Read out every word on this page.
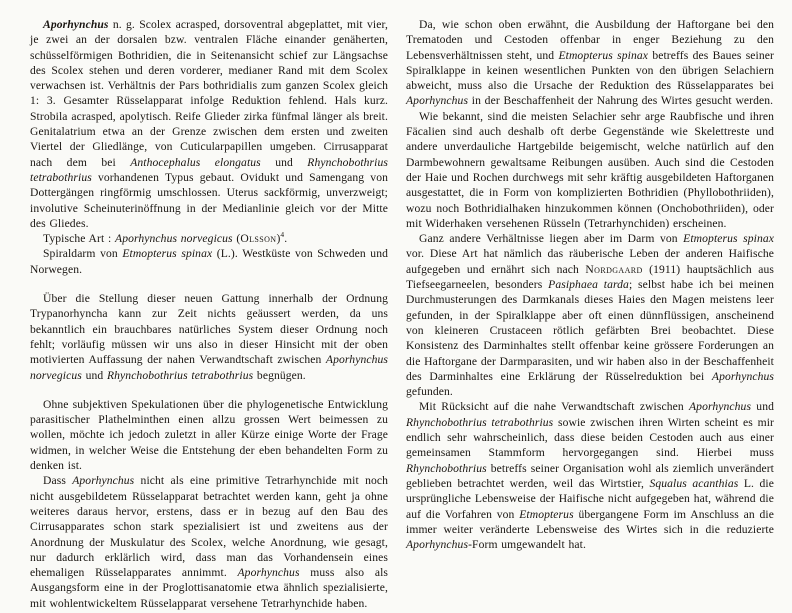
Aporhynchus n. g. Scolex acrasped, dorsoventral abgeplattet, mit vier, je zwei an der dorsalen bzw. ventralen Fläche einander genäherten, schüsselförmigen Bothridien, die in Seitenansicht schief zur Längsachse des Scolex stehen und deren vorderer, medianer Rand mit dem Scolex verwachsen ist. Verhältnis der Pars bothridialis zum ganzen Scolex gleich 1: 3. Gesamter Rüsselapparat infolge Reduktion fehlend. Hals kurz. Strobila acrasped, apolytisch. Reife Glieder zirka fünfmal länger als breit. Genitalatrium etwa an der Grenze zwischen dem ersten und zweiten Viertel der Gliedlänge, von Cuticularpapillen umgeben. Cirrusapparat nach dem bei Anthocephalus elongatus und Rhynchobothrius tetrabothrius vorhandenen Typus gebaut. Ovidukt und Samengang von Dottergängen ringförmig umschlossen. Uterus sackförmig, unverzweigt; involutive Scheinuterinöffnung in der Medianlinie gleich vor der Mitte des Gliedes.

Typische Art : Aporhynchus norvegicus (Olsson)$^4$.

Spiraldarm von Etmopterus spinax (L.). Westküste von Schweden und Norwegen.

Über die Stellung dieser neuen Gattung innerhalb der Ordnung Trypanorhyncha kann zur Zeit nichts geäussert werden, da uns bekanntlich ein brauchbares natürliches System dieser Ordnung noch fehlt; vorläufig müssen wir uns also in dieser Hinsicht mit der oben motivierten Auffassung der nahen Verwandtschaft zwischen Aporhynchus norvegicus und Rhynchobothrius tetrabothrius begnügen.

Ohne subjektiven Spekulationen über die phylogenetische Entwicklung parasitischer Plathelminthen einen allzu grossen Wert beimessen zu wollen, möchte ich jedoch zuletzt in aller Kürze einige Worte der Frage widmen, in welcher Weise die Entstehung der eben behandelten Form zu denken ist.

Dass Aporhynchus nicht als eine primitive Tetrarhynchide mit noch nicht ausgebildetem Rüsselapparat betrachtet werden kann, geht ja ohne weiteres daraus hervor, erstens, dass er in bezug auf den Bau des Cirrusapparates schon stark spezialisiert ist und zweitens aus der Anordnung der Muskulatur des Scolex, welche Anordnung, wie gesagt, nur dadurch erklärlich wird, dass man das Vorhandensein eines ehemaligen Rüsselapparates annimmt. Aporhynchus muss also als Ausgangsform eine in der Proglottisanatomie etwa ähnlich spezialisierte, mit wohlentwickeltem Rüsselapparat versehene Tetrarhynchide haben.

Da, wie schon oben erwähnt, die Ausbildung der Haftorgane bei den Trematoden und Cestoden offenbar in enger Beziehung zu den Lebensverhältnissen steht, und Etmopterus spinax betreffs des Baues seiner Spiralklappe in keinen wesentlichen Punkten von den übrigen Selachiern abweicht, muss also die Ursache der Reduktion des Rüsselapparates bei Aporhynchus in der Beschaffenheit der Nahrung des Wirtes gesucht werden.

Wie bekannt, sind die meisten Selachier sehr arge Raubfische und ihren Fäcalien sind auch deshalb oft derbe Gegenstände wie Skelettreste und andere unverdauliche Hartgebilde beigemischt, welche natürlich auf den Darmbewohnern gewaltsame Reibungen ausüben. Auch sind die Cestoden der Haie und Rochen durchwegs mit sehr kräftig ausgebildeten Haftorganen ausgestattet, die in Form von komplizierten Bothridien (Phyllobothriiden), wozu noch Bothridialhaken hinzukommen können (Onchobothriiden), oder mit Widerhaken versehenen Rüsseln (Tetrarhynchiden) erscheinen.

Ganz andere Verhältnisse liegen aber im Darm von Etmopterus spinax vor. Diese Art hat nämlich das räuberische Leben der anderen Haifische aufgegeben und ernährt sich nach Nordgaard (1911) hauptsächlich aus Tiefseegarneelen, besonders Pasiphaea tarda; selbst habe ich bei meinen Durchmusterungen des Darmkanals dieses Haies den Magen meistens leer gefunden, in der Spiralklappe aber oft einen dünnflüssigen, anscheinend von kleineren Crustaceen rötlich gefärbten Brei beobachtet. Diese Konsistenz des Darminhaltes stellt offenbar keine grössere Forderungen an die Haftorgane der Darmparasiten, und wir haben also in der Beschaffenheit des Darminhaltes eine Erklärung der Rüsselreduktion bei Aporhynchus gefunden.

Mit Rücksicht auf die nahe Verwandtschaft zwischen Aporhynchus und Rhynchobothrius tetrabothrius sowie zwischen ihren Wirten scheint es mir endlich sehr wahrscheinlich, dass diese beiden Cestoden auch aus einer gemeinsamen Stammform hervorgegangen sind. Hierbei muss Rhynchobothrius betreffs seiner Organisation wohl als ziemlich unverändert geblieben betrachtet werden, weil das Wirtstier, Squalus acanthias L. die ursprüngliche Lebensweise der Haifische nicht aufgegeben hat, während die auf die Vorfahren von Etmopterus übergangene Form im Anschluss an die immer weiter veränderte Lebensweise des Wirtes sich in die reduzierte Aporhynchus-Form umgewandelt hat.
